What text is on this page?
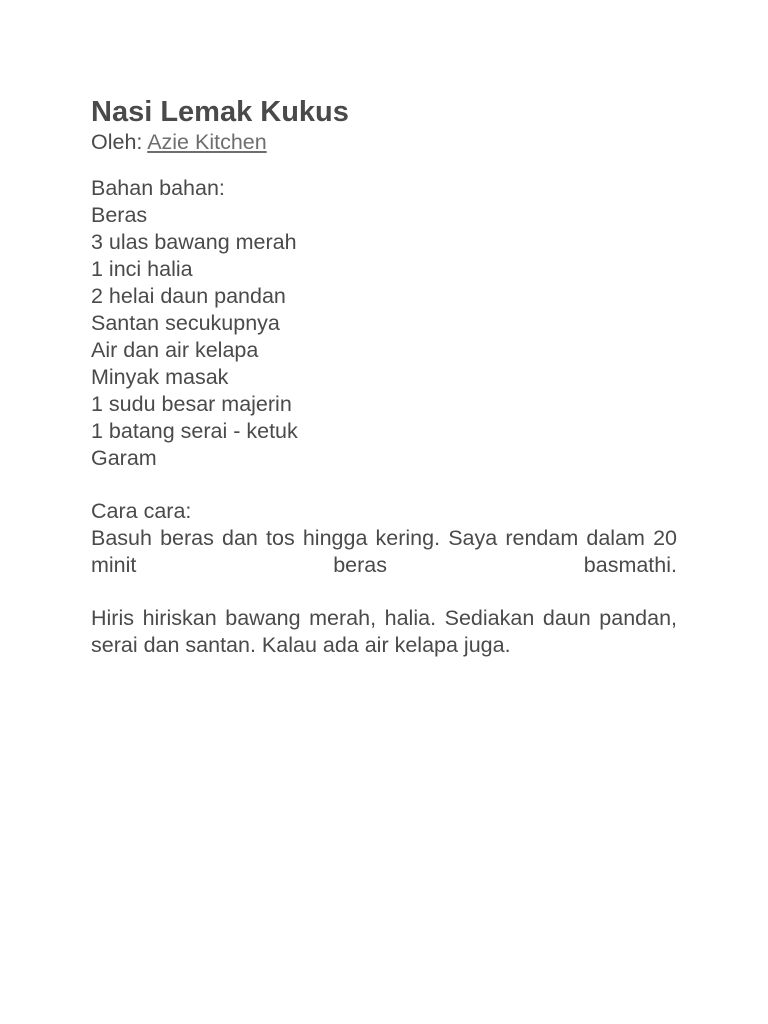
Nasi Lemak Kukus

Oleh: Azie Kitchen

Bahan bahan:

Beras
3 ulas bawang merah
1 inci halia
2 helai daun pandan
Santan secukupnya
Air dan air kelapa
Minyak masak
1 sudu besar majerin
1 batang serai - ketuk
Garam

Cara cara:

Basuh beras dan tos hingga kering. Saya rendam dalam 20 minit beras basmathi.

Hiris hiriskan bawang merah, halia. Sediakan daun pandan, serai dan santan. Kalau ada air kelapa juga.
